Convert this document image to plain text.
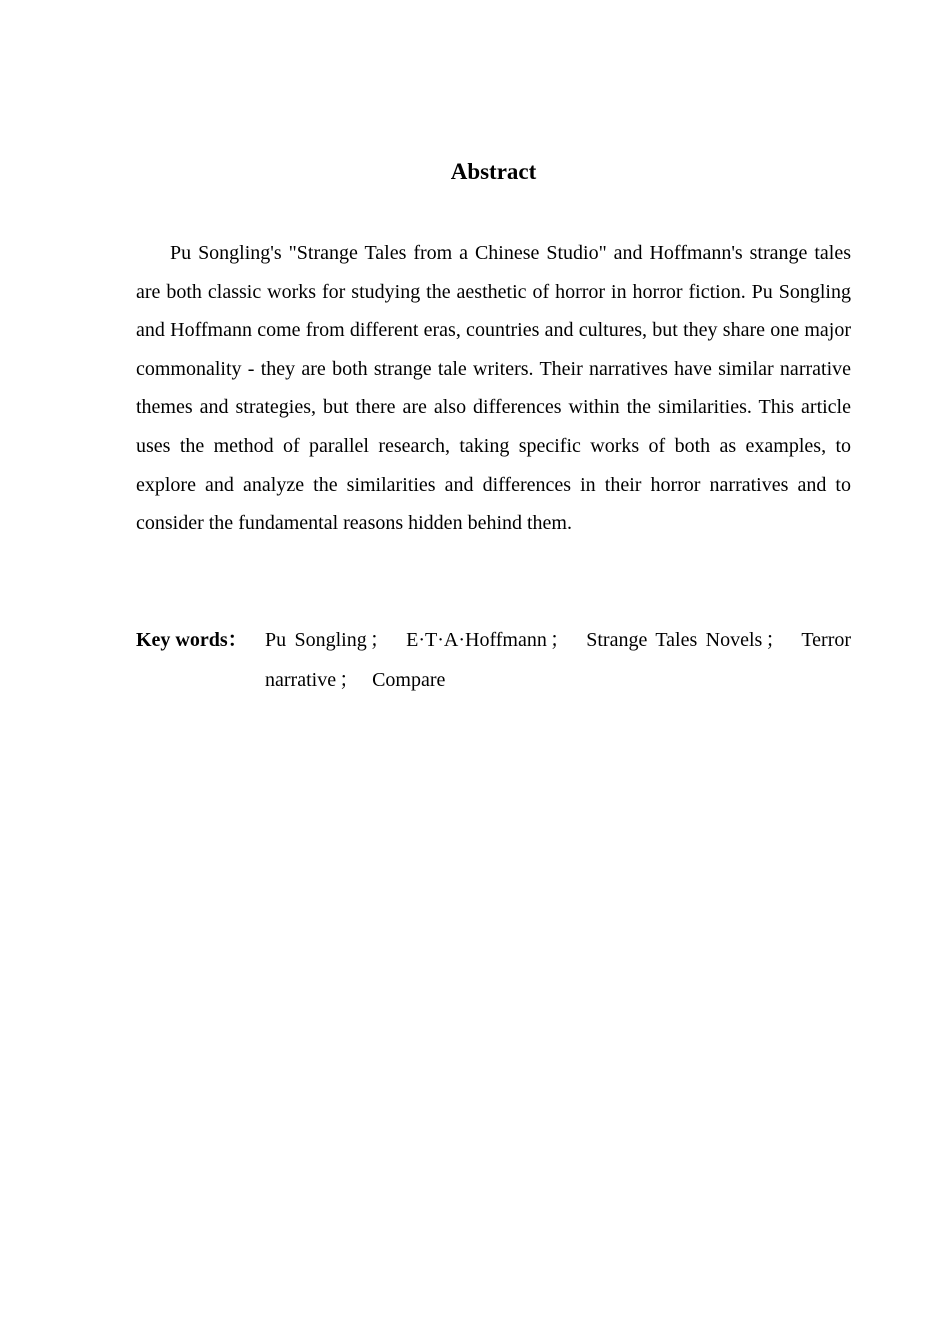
Abstract

Pu Songling's "Strange Tales from a Chinese Studio" and Hoffmann's strange tales are both classic works for studying the aesthetic of horror in horror fiction. Pu Songling and Hoffmann come from different eras, countries and cultures, but they share one major commonality - they are both strange tale writers. Their narratives have similar narrative themes and strategies, but there are also differences within the similarities. This article uses the method of parallel research, taking specific works of both as examples, to explore and analyze the similarities and differences in their horror narratives and to consider the fundamental reasons hidden behind them.

Key words： Pu Songling ； E·T·A·Hoffmann ； Strange Tales Novels ； Terror narrative ； Compare
